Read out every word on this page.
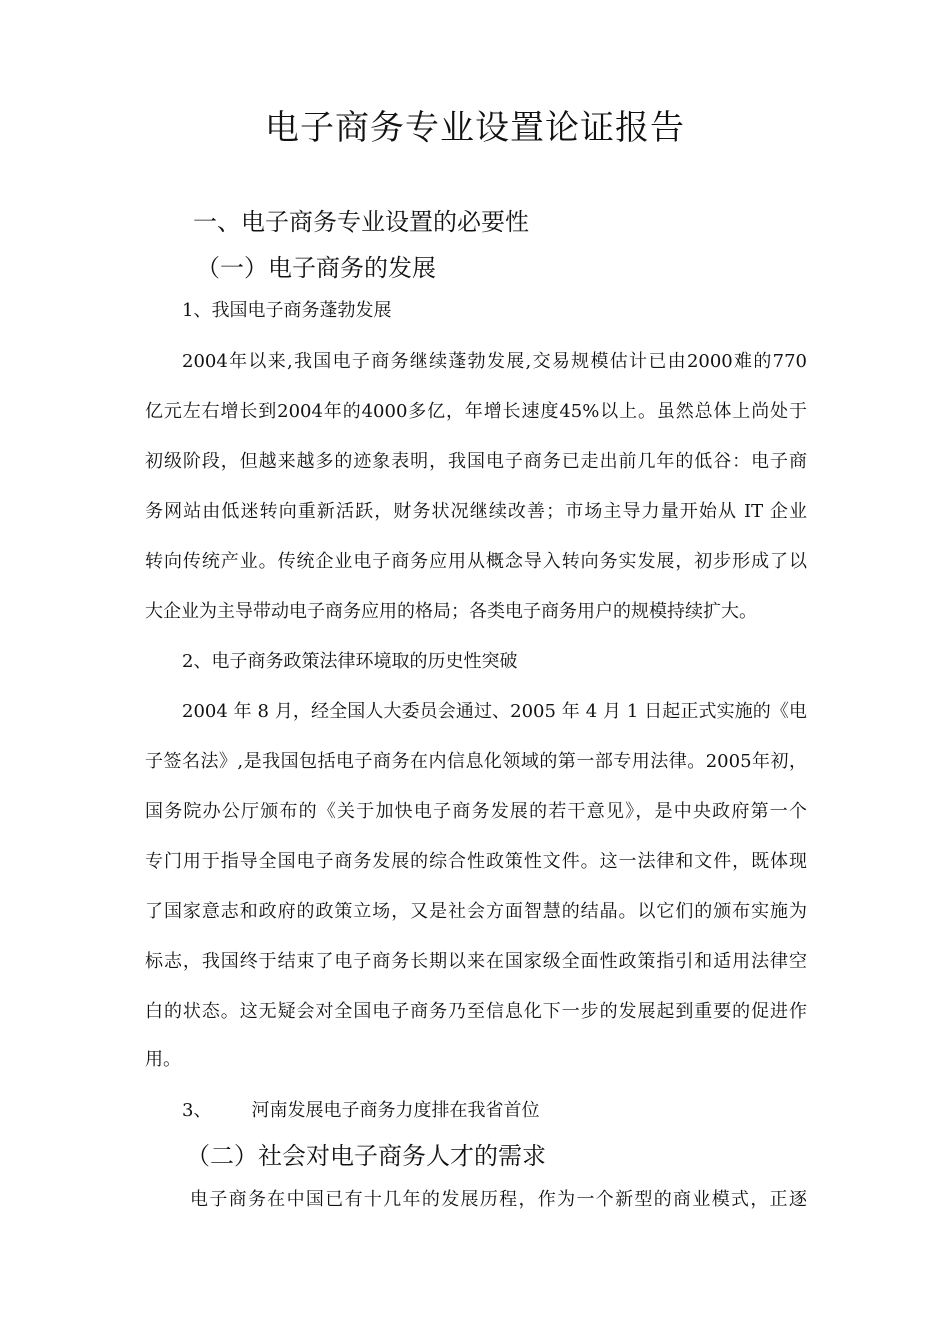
电子商务专业设置论证报告
一、电子商务专业设置的必要性
（一）电子商务的发展
1、我国电子商务蓬勃发展
2004年以来,我国电子商务继续蓬勃发展,交易规模估计已由2000难的770
亿元左右增长到2004年的4000多亿，年增长速度45%以上。虽然总体上尚处于
初级阶段，但越来越多的迹象表明，我国电子商务已走出前几年的低谷：电子商
务网站由低迷转向重新活跃，财务状况继续改善；市场主导力量开始从 IT 企业
转向传统产业。传统企业电子商务应用从概念导入转向务实发展，初步形成了以
大企业为主导带动电子商务应用的格局；各类电子商务用户的规模持续扩大。
2、电子商务政策法律环境取的历史性突破
2004 年 8 月，经全国人大委员会通过、2005 年 4 月 1 日起正式实施的《电
子签名法》,是我国包括电子商务在内信息化领域的第一部专用法律。2005年初，
国务院办公厅颁布的《关于加快电子商务发展的若干意见》，是中央政府第一个
专门用于指导全国电子商务发展的综合性政策性文件。这一法律和文件，既体现
了国家意志和政府的政策立场，又是社会方面智慧的结晶。以它们的颁布实施为
标志，我国终于结束了电子商务长期以来在国家级全面性政策指引和适用法律空
白的状态。这无疑会对全国电子商务乃至信息化下一步的发展起到重要的促进作
用。
3、 河南发展电子商务力度排在我省首位
（二）社会对电子商务人才的需求
电子商务在中国已有十几年的发展历程，作为一个新型的商业模式，正逐
